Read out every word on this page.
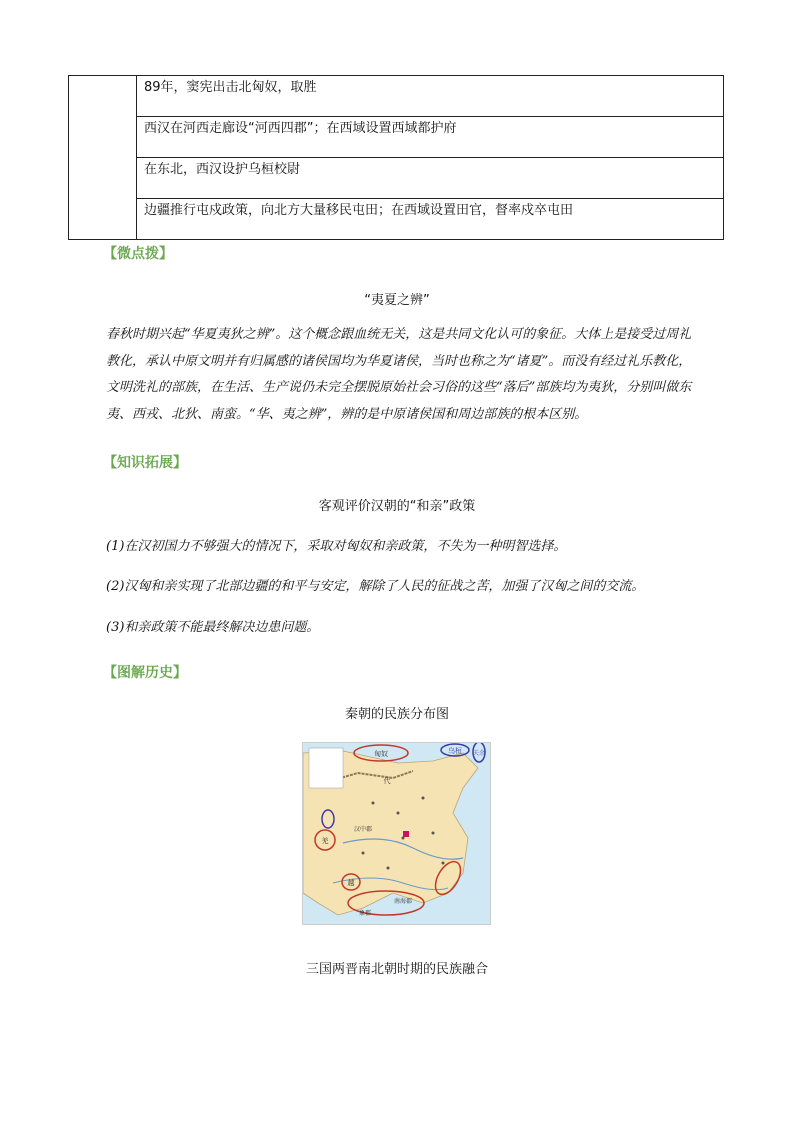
89年，窦宪出击北匈奴，取胜
西汉在河西走廊设“河西四郡”；在西域设置西域都护府
在东北，西汉设护乌桓校尉
边疆推行屯戍政策，向北方大量移民屯田；在西域设置田官，督率戍卒屯田
【微点拨】
“夷夏之辨”
春秋时期兴起“华夏夷狄之辨”。这个概念跟血统无关，这是共同文化认可的象征。大体上是接受过周礼教化，承认中原文明并有归属感的诸侯国均为华夏诸侯，当时也称之为“诸夏”。而没有经过礼乐教化，文明洗礼的部族，在生活、生产说仍未完全摆脱原始社会习俗的这些“落后”部族均为夷狄，分别叫做东夷、西戎、北狄、南蛮。“华、夷之辨”，辨的是中原诸侯国和周边部族的根本区别。
【知识拓展】
客观评价汉朝的“和亲”政策
(1)在汉初国力不够强大的情况下，采取对匈奴和亲政策，不失为一种明智选择。
(2)汉匈和亲实现了北部边疆的和平与安定，解除了人民的征战之苦，加强了汉匈之间的交流。
(3)和亲政策不能最终解决边患问题。
【图解历史】
秦朝的民族分布图
匈奴	乌桓 夫余
羌
代
汉中郡
越
南海郡
象郡
三国两晋南北朝时期的民族融合
